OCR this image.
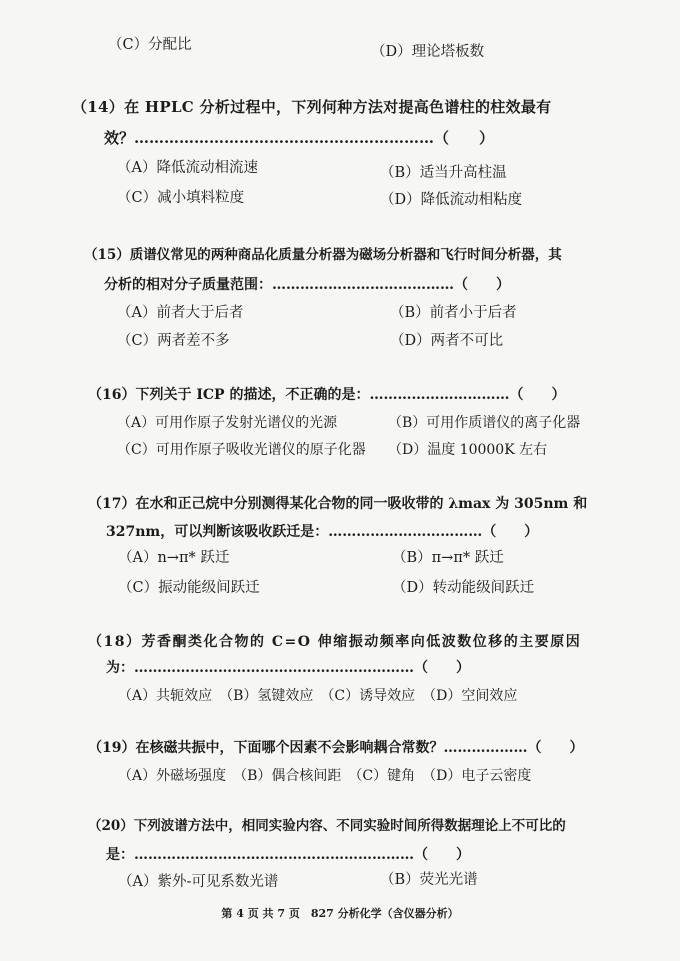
（C）分配比	（D）理论塔板数
（14）在 HPLC 分析过程中，下列何种方法对提高色谱柱的柱效最有
效？……………………………………………………（　　）
（A）降低流动相流速	（B）适当升高柱温
（C）减小填料粒度	（D）降低流动相粘度
（15）质谱仪常见的两种商品化质量分析器为磁场分析器和飞行时间分析器，其
分析的相对分子质量范围：…………………………………（　　）
（A）前者大于后者	（B）前者小于后者
（C）两者差不多	（D）两者不可比
（16）下列关于 ICP 的描述，不正确的是：…………………………（　　）
（A）可用作原子发射光谱仪的光源	（B）可用作质谱仪的离子化器
（C）可用作原子吸收光谱仪的原子化器 （D）温度 10000K 左右
（17）在水和正己烷中分别测得某化合物的同一吸收带的 λmax 为 305nm 和
327nm，可以判断该吸收跃迁是：……………………………（　　）
（A）n→π* 跃迁	（B）π→π* 跃迁
（C）振动能级间跃迁	（D）转动能级间跃迁
（18）芳香酮类化合物的 C=O 伸缩振动频率向低波数位移的主要原因
为：……………………………………………………（　　）
（A）共轭效应　（B）氢键效应　（C）诱导效应　（D）空间效应
（19）在核磁共振中，下面哪个因素不会影响耦合常数？………………（　　）
（A）外磁场强度　（B）偶合核间距　（C）键角　（D）电子云密度
（20）下列波谱方法中，相同实验内容、不同实验时间所得数据理论上不可比的
是：……………………………………………………（　　）
（A）紫外-可见系数光谱	（B）荧光光谱
第 4 页 共 7 页　827 分析化学（含仪器分析）
